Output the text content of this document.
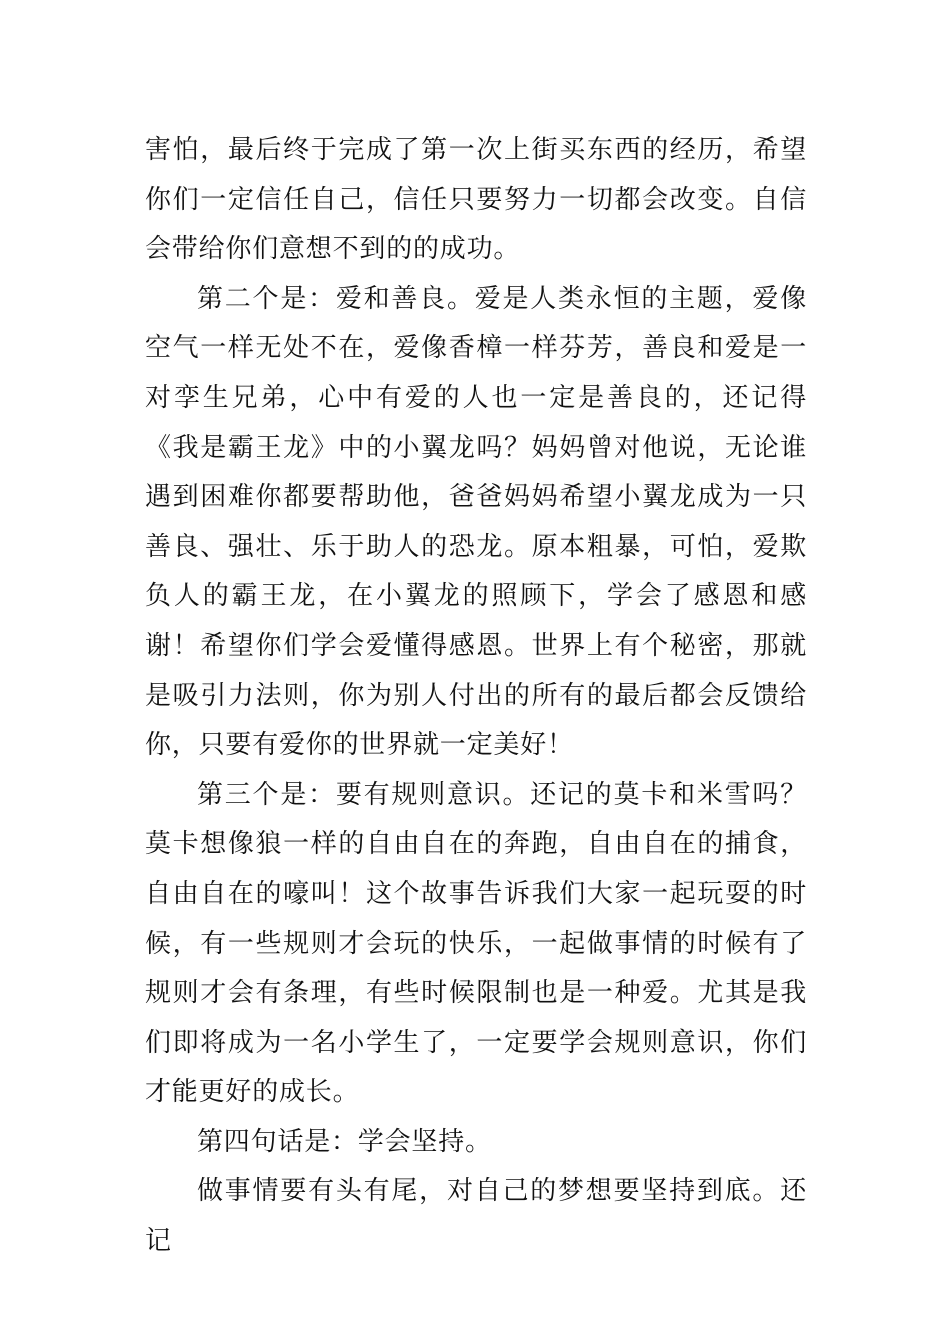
害怕，最后终于完成了第一次上街买东西的经历，希望你们一定信任自己，信任只要努力一切都会改变。自信会带给你们意想不到的的成功。

第二个是：爱和善良。爱是人类永恒的主题，爱像空气一样无处不在，爱像香樟一样芬芳，善良和爱是一对孪生兄弟，心中有爱的人也一定是善良的，还记得《我是霸王龙》中的小翼龙吗？妈妈曾对他说，无论谁遇到困难你都要帮助他，爸爸妈妈希望小翼龙成为一只善良、强壮、乐于助人的恐龙。原本粗暴，可怕，爱欺负人的霸王龙，在小翼龙的照顾下，学会了感恩和感谢！希望你们学会爱懂得感恩。世界上有个秘密，那就是吸引力法则，你为别人付出的所有的最后都会反馈给你，只要有爱你的世界就一定美好！

第三个是：要有规则意识。还记的莫卡和米雪吗？莫卡想像狼一样的自由自在的奔跑，自由自在的捕食，自由自在的嚎叫！这个故事告诉我们大家一起玩耍的时候，有一些规则才会玩的快乐，一起做事情的时候有了规则才会有条理，有些时候限制也是一种爱。尤其是我们即将成为一名小学生了，一定要学会规则意识，你们才能更好的成长。

第四句话是：学会坚持。

做事情要有头有尾，对自己的梦想要坚持到底。还记
